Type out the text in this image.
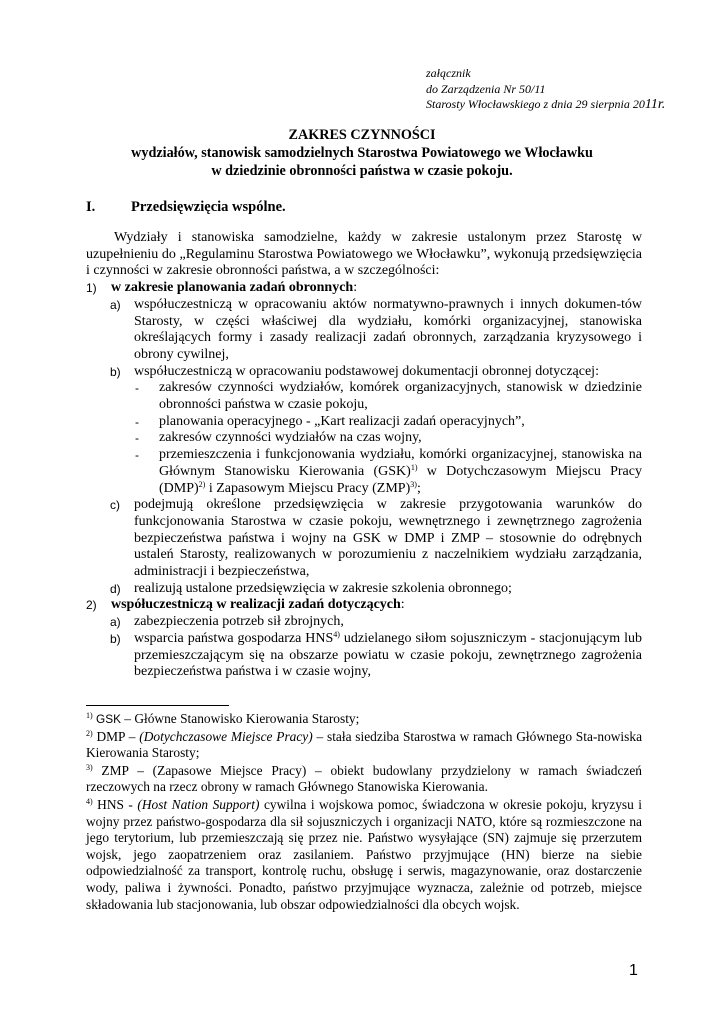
załącznik
do Zarządzenia Nr 50/11
Starosty Włocławskiego z dnia 29 sierpnia 2011r.
ZAKRES CZYNNOŚCI
wydziałów, stanowisk samodzielnych Starostwa Powiatowego we Włocławku
w dziedzinie obronności państwa w czasie pokoju.
I. Przedsięwzięcia wspólne.
Wydziały i stanowiska samodzielne, każdy w zakresie ustalonym przez Starostę w uzupełnieniu do „Regulaminu Starostwa Powiatowego we Włocławku”, wykonują przedsięwzięcia i czynności w zakresie obronności państwa, a w szczególności:
1) w zakresie planowania zadań obronnych:
a) współuczestniczą w opracowaniu aktów normatywno-prawnych i innych dokumen-tów Starosty, w części właściwej dla wydziału, komórki organizacyjnej, stanowiska określających formy i zasady realizacji zadań obronnych, zarządzania kryzysowego i obrony cywilnej,
b) współuczestniczą w opracowaniu podstawowej dokumentacji obronnej dotyczącej:
- zakresów czynności wydziałów, komórek organizacyjnych, stanowisk w dziedzinie obronności państwa w czasie pokoju,
- planowania operacyjnego - „Kart realizacji zadań operacyjnych”,
- zakresów czynności wydziałów na czas wojny,
- przemieszczenia i funkcjonowania wydziału, komórki organizacyjnej, stanowiska na Głównym Stanowisku Kierowania (GSK)$^{1)}$ w Dotychczasowym Miejscu Pracy (DMP)$^{2)}$ i Zapasowym Miejscu Pracy (ZMP)$^{3)}$;
c) podejmują określone przedsięwzięcia w zakresie przygotowania warunków do funkcjonowania Starostwa w czasie pokoju, wewnętrznego i zewnętrznego zagrożenia bezpieczeństwa państwa i wojny na GSK w DMP i ZMP – stosownie do odrębnych ustaleń Starosty, realizowanych w porozumieniu z naczelnikiem wydziału zarządzania, administracji i bezpieczeństwa,
d) realizują ustalone przedsięwzięcia w zakresie szkolenia obronnego;
2) współuczestniczą w realizacji zadań dotyczących:
a) zabezpieczenia potrzeb sił zbrojnych,
b) wsparcia państwa gospodarza HNS$^{4)}$ udzielanego siłom sojuszniczym - stacjonującym lub przemieszczającym się na obszarze powiatu w czasie pokoju, zewnętrznego zagrożenia bezpieczeństwa państwa i w czasie wojny,
$^{1)}$ GSK – Główne Stanowisko Kierowania Starosty;
$^{2)}$ DMP – (Dotychczasowe Miejsce Pracy) – stała siedziba Starostwa w ramach Głównego Sta-nowiska Kierowania Starosty;
$^{3)}$ ZMP – (Zapasowe Miejsce Pracy) – obiekt budowlany przydzielony w ramach świadczeń rzeczowych na rzecz obrony w ramach Głównego Stanowiska Kierowania.
$^{4)}$ HNS - (Host Nation Support) cywilna i wojskowa pomoc, świadczona w okresie pokoju, kryzysu i wojny przez państwo-gospodarza dla sił sojuszniczych i organizacji NATO, które są rozmieszczone na jego terytorium, lub przemieszczają się przez nie. Państwo wysyłające (SN) zajmuje się przerzutem wojsk, jego zaopatrzeniem oraz zasilaniem. Państwo przyjmujące (HN) bierze na siebie odpowiedzialność za transport, kontrolę ruchu, obsługę i serwis, magazynowanie, oraz dostarczenie wody, paliwa i żywności. Ponadto, państwo przyjmujące wyznacza, zależnie od potrzeb, miejsce składowania lub stacjonowania, lub obszar odpowiedzialności dla obcych wojsk.
1
